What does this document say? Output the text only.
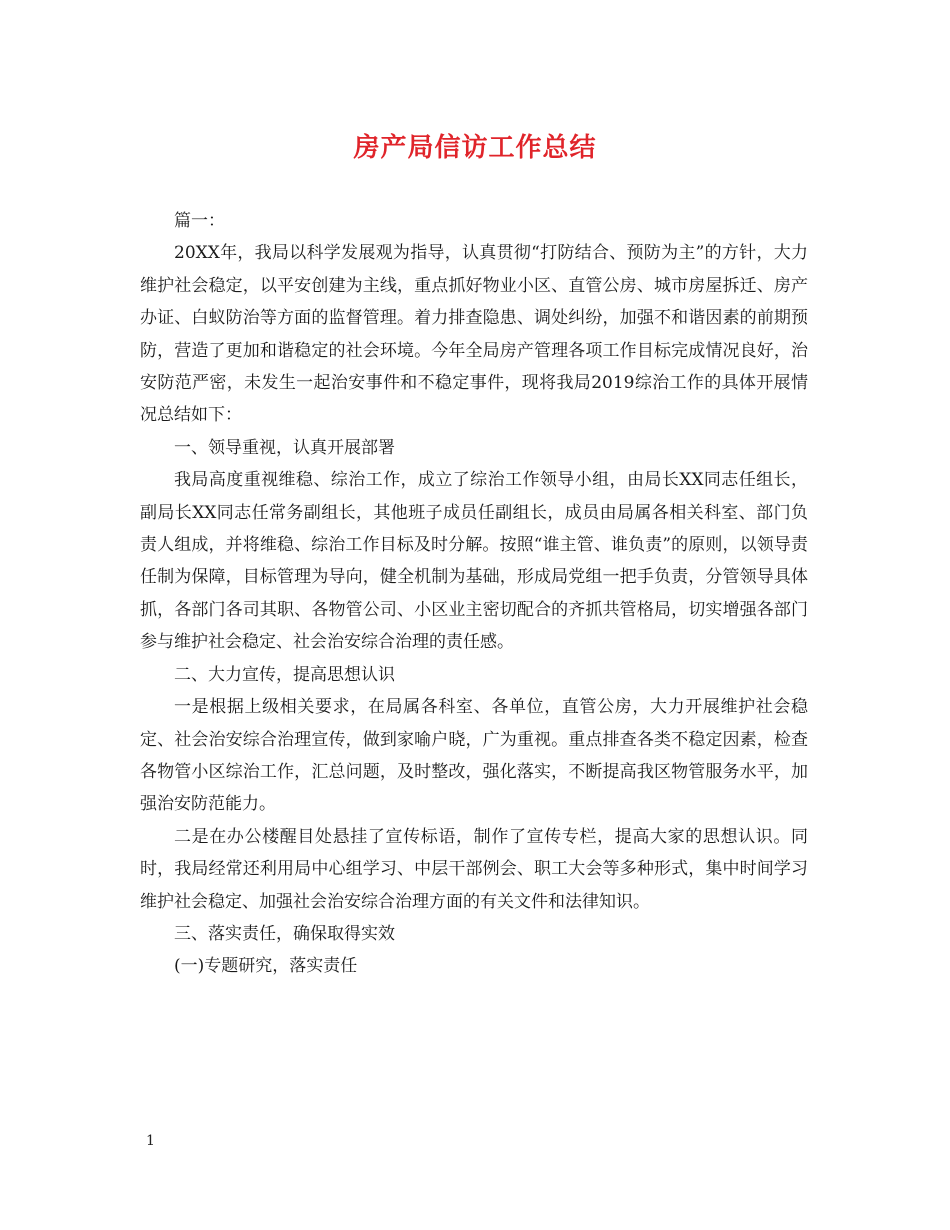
房产局信访工作总结

篇一：

20XX年，我局以科学发展观为指导，认真贯彻“打防结合、预防为主”的方针，大力维护社会稳定，以平安创建为主线，重点抓好物业小区、直管公房、城市房屋拆迁、房产办证、白蚁防治等方面的监督管理。着力排查隐患、调处纠纷，加强不和谐因素的前期预防，营造了更加和谐稳定的社会环境。今年全局房产管理各项工作目标完成情况良好，治安防范严密，未发生一起治安事件和不稳定事件，现将我局2019综治工作的具体开展情况总结如下：

一、领导重视，认真开展部署

我局高度重视维稳、综治工作，成立了综治工作领导小组，由局长XX同志任组长，副局长XX同志任常务副组长，其他班子成员任副组长，成员由局属各相关科室、部门负责人组成，并将维稳、综治工作目标及时分解。按照“谁主管、谁负责”的原则，以领导责任制为保障，目标管理为导向，健全机制为基础，形成局党组一把手负责，分管领导具体抓，各部门各司其职、各物管公司、小区业主密切配合的齐抓共管格局，切实增强各部门参与维护社会稳定、社会治安综合治理的责任感。

二、大力宣传，提高思想认识

一是根据上级相关要求，在局属各科室、各单位，直管公房，大力开展维护社会稳定、社会治安综合治理宣传，做到家喻户晓，广为重视。重点排查各类不稳定因素，检查各物管小区综治工作，汇总问题，及时整改，强化落实，不断提高我区物管服务水平，加强治安防范能力。

二是在办公楼醒目处悬挂了宣传标语，制作了宣传专栏，提高大家的思想认识。同时，我局经常还利用局中心组学习、中层干部例会、职工大会等多种形式，集中时间学习维护社会稳定、加强社会治安综合治理方面的有关文件和法律知识。

三、落实责任，确保取得实效

(一)专题研究，落实责任

1
